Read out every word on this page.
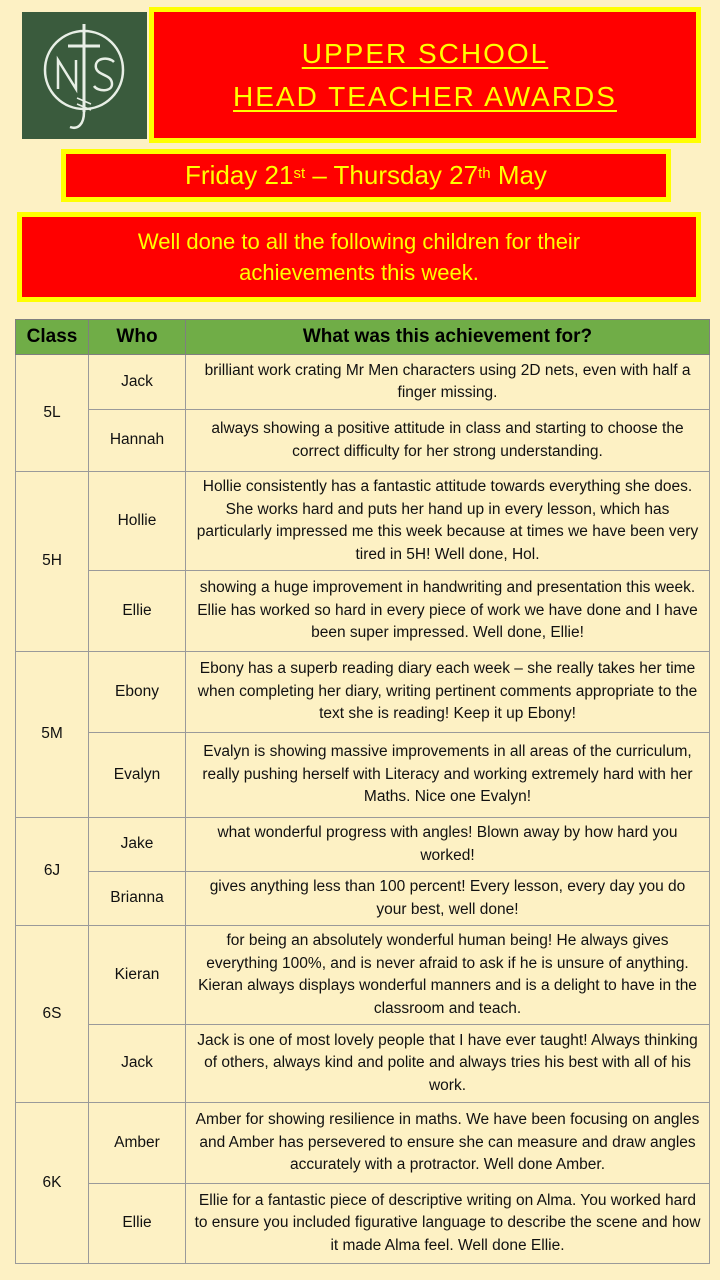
UPPER SCHOOL
HEAD TEACHER AWARDS
Friday 21st – Thursday 27th May
Well done to all the following children for their achievements this week.
Class	Who	What was this achievement for?
5L	Jack	brilliant work crating Mr Men characters using 2D nets, even with half a finger missing.
	Hannah	always showing a positive attitude in class and starting to choose the correct difficulty for her strong understanding.
5H	Hollie	Hollie consistently has a fantastic attitude towards everything she does. She works hard and puts her hand up in every lesson, which has particularly impressed me this week because at times we have been very tired in 5H! Well done, Hol.
	Ellie	showing a huge improvement in handwriting and presentation this week. Ellie has worked so hard in every piece of work we have done and I have been super impressed. Well done, Ellie!
5M	Ebony	Ebony has a superb reading diary each week – she really takes her time when completing her diary, writing pertinent comments appropriate to the text she is reading! Keep it up Ebony!
	Evalyn	Evalyn is showing massive improvements in all areas of the curriculum, really pushing herself with Literacy and working extremely hard with her Maths. Nice one Evalyn!
6J	Jake	what wonderful progress with angles! Blown away by how hard you worked!
	Brianna	gives anything less than 100 percent! Every lesson, every day you do your best, well done!
6S	Kieran	for being an absolutely wonderful human being! He always gives everything 100%, and is never afraid to ask if he is unsure of anything. Kieran always displays wonderful manners and is a delight to have in the classroom and teach.
	Jack	Jack is one of most lovely people that I have ever taught! Always thinking of others, always kind and polite and always tries his best with all of his work.
6K	Amber	Amber for showing resilience in maths. We have been focusing on angles and Amber has persevered to ensure she can measure and draw angles accurately with a protractor. Well done Amber.
	Ellie	Ellie for a fantastic piece of descriptive writing on Alma. You worked hard to ensure you included figurative language to describe the scene and how it made Alma feel. Well done Ellie.
